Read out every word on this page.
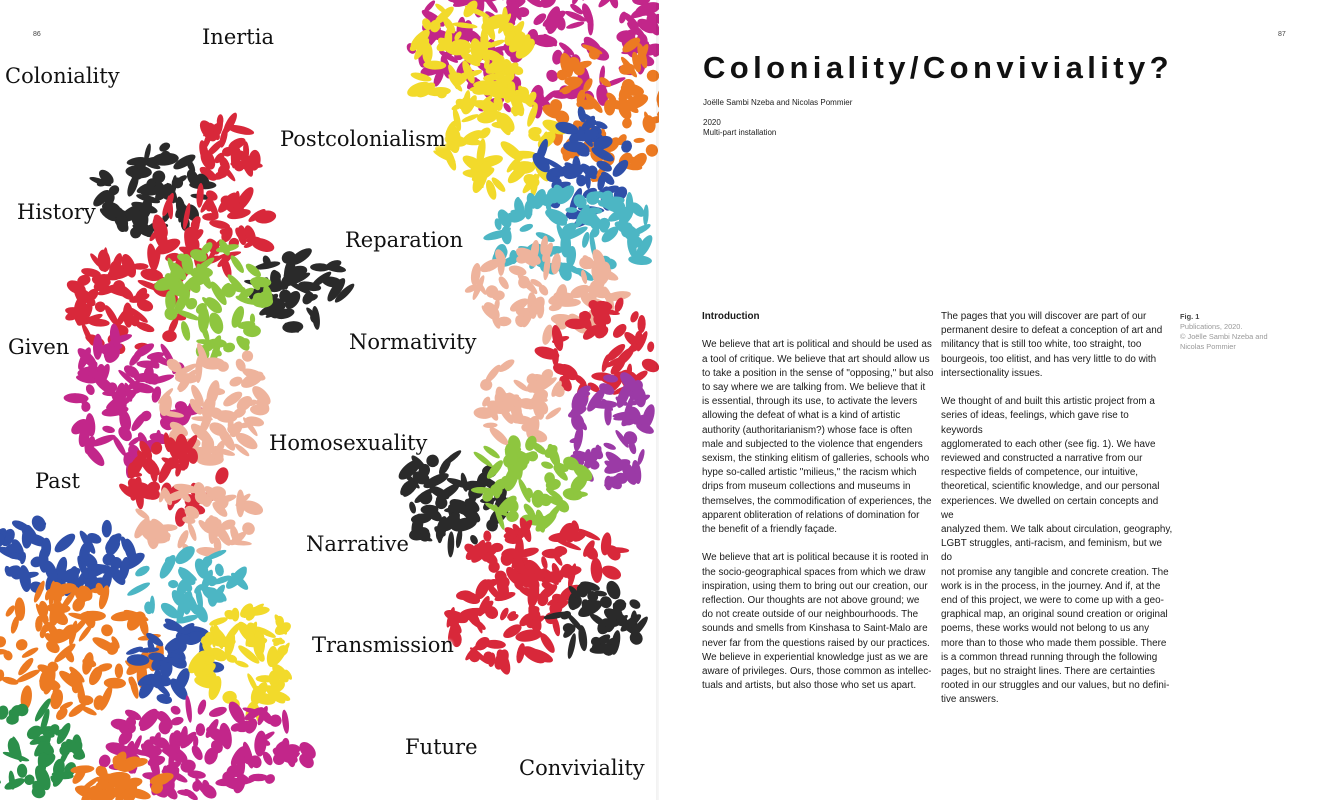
86	Inertia
Coloniality
Postcolonialism
History
Reparation
Given	Normativity
Homosexuality
Past
Narrative
Transmission
Future
Conviviality
87
Coloniality/Conviviality?
Joëlle Sambi Nzeba and Nicolas Pommier
2020
Multi-part installation
Introduction

We believe that art is political and should be used as
a tool of critique. We believe that art should allow us
to take a position in the sense of "opposing," but also
to say where we are talking from. We believe that it
is essential, through its use, to activate the levers
allowing the defeat of what is a kind of artistic
authority (authoritarianism?) whose face is often
male and subjected to the violence that engenders
sexism, the stinking elitism of galleries, schools who
hype so-called artistic "milieus," the racism which
drips from museum collections and museums in
themselves, the commodification of experiences, the
apparent obliteration of relations of domination for
the benefit of a friendly façade.

We believe that art is political because it is rooted in
the socio-geographical spaces from which we draw
inspiration, using them to bring out our creation, our
reflection. Our thoughts are not above ground; we
do not create outside of our neighbourhoods. The
sounds and smells from Kinshasa to Saint-Malo are
never far from the questions raised by our practices.
We believe in experiential knowledge just as we are
aware of privileges. Ours, those common as intellec-
tuals and artists, but also those who set us apart.

The pages that you will discover are part of our
permanent desire to defeat a conception of art and
militancy that is still too white, too straight, too
bourgeois, too elitist, and has very little to do with
intersectionality issues.

We thought of and built this artistic project from a
series of ideas, feelings, which gave rise to keywords
agglomerated to each other (see fig. 1). We have
reviewed and constructed a narrative from our
respective fields of competence, our intuitive,
theoretical, scientific knowledge, and our personal
experiences. We dwelled on certain concepts and we
analyzed them. We talk about circulation, geography,
LGBT struggles, anti-racism, and feminism, but we do
not promise any tangible and concrete creation. The
work is in the process, in the journey. And if, at the
end of this project, we were to come up with a geo-
graphical map, an original sound creation or original
poems, these works would not belong to us any
more than to those who made them possible. There
is a common thread running through the following
pages, but no straight lines. There are certainties
rooted in our struggles and our values, but no defini-
tive answers.

Fig. 1
Publications, 2020.
© Joëlle Sambi Nzeba and
Nicolas Pommier
